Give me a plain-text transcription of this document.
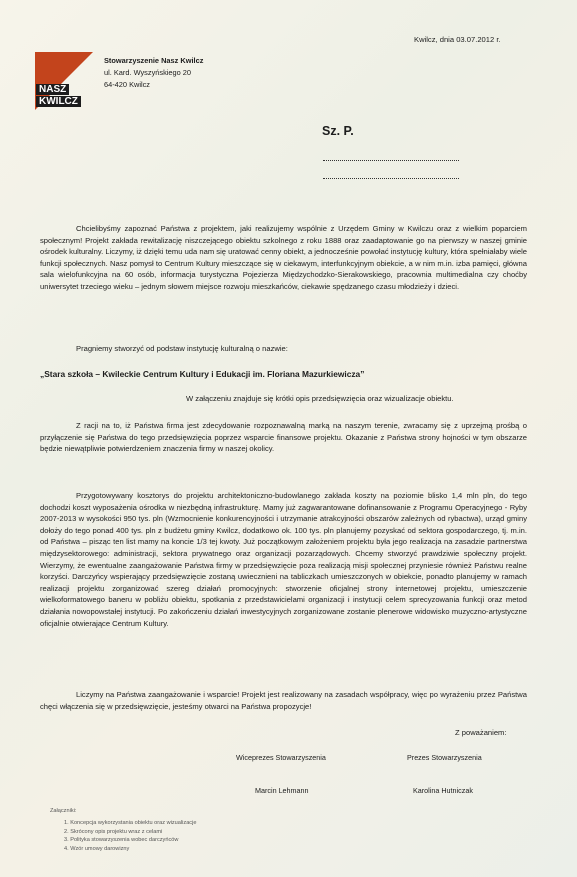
Kwilcz, dnia 03.07.2012 r.
NASZ
KWILCZ
Stowarzyszenie Nasz Kwilcz
ul. Kard. Wyszyńskiego 20
64-420 Kwilcz
Sz. P.
Chcielibyśmy zapoznać Państwa z projektem, jaki realizujemy wspólnie z Urzędem Gminy w Kwilczu oraz z wielkim poparciem społecznym! Projekt zakłada rewitalizację niszczejącego obiektu szkolnego z roku 1888 oraz zaadaptowanie go na pierwszy w naszej gminie ośrodek kulturalny. Liczymy, iż dzięki temu uda nam się uratować cenny obiekt, a jednocześnie powołać instytucję kultury, która spełniałaby wiele funkcji społecznych. Nasz pomysł to Centrum Kultury mieszczące się w ciekawym, interfunkcyjnym obiekcie, a w nim m.in. izba pamięci, główna sala wielofunkcyjna na 60 osób, informacja turystyczna Pojezierza Międzychodzko-Sierakowskiego, pracownia multimedialna czy choćby uniwersytet trzeciego wieku – jednym słowem miejsce rozwoju mieszkańców, ciekawie spędzanego czasu młodzieży i dzieci.
Pragniemy stworzyć od podstaw instytucję kulturalną o nazwie:
„Stara szkoła – Kwileckie Centrum Kultury i Edukacji im. Floriana Mazurkiewicza”
W załączeniu znajduje się krótki opis przedsięwzięcia oraz wizualizacje obiektu.
Z racji na to, iż Państwa firma jest zdecydowanie rozpoznawalną marką na naszym terenie, zwracamy się z uprzejmą prośbą o przyłączenie się Państwa do tego przedsięwzięcia poprzez wsparcie finansowe projektu. Okazanie z Państwa strony hojności w tym obszarze będzie niewątpliwie potwierdzeniem znaczenia firmy w naszej okolicy.
Przygotowywany kosztorys do projektu architektoniczno-budowlanego zakłada koszty na poziomie blisko 1,4 mln pln, do tego dochodzi koszt wyposażenia ośrodka w niezbędną infrastrukturę. Mamy już zagwarantowane dofinansowanie z Programu Operacyjnego - Ryby 2007-2013 w wysokości 950 tys. pln (Wzmocnienie konkurencyjności i utrzymanie atrakcyjności obszarów zależnych od rybactwa), urząd gminy dołoży do tego ponad 400 tys. pln z budżetu gminy Kwilcz, dodatkowo ok. 100 tys. pln planujemy pozyskać od sektora gospodarczego, tj. m.in. od Państwa – pisząc ten list mamy na koncie 1/3 tej kwoty. Już początkowym założeniem projektu była jego realizacja na zasadzie partnerstwa międzysektorowego: administracji, sektora prywatnego oraz organizacji pozarządowych. Chcemy stworzyć prawdziwie społeczny projekt. Wierzymy, że ewentualne zaangażowanie Państwa firmy w przedsięwzięcie poza realizacją misji społecznej przyniesie również Państwu realne korzyści. Darczyńcy wspierający przedsięwzięcie zostaną uwiecznieni na tabliczkach umieszczonych w obiekcie, ponadto planujemy w ramach realizacji projektu zorganizować szereg działań promocyjnych: stworzenie oficjalnej strony internetowej projektu, umieszczenie wielkoformatowego baneru w pobliżu obiektu, spotkania z przedstawicielami organizacji i instytucji celem sprecyzowania funkcji oraz metod działania nowopowstałej instytucji. Po zakończeniu działań inwestycyjnych zorganizowane zostanie plenerowe widowisko muzyczno-artystyczne oficjalnie otwierające Centrum Kultury.
Liczymy na Państwa zaangażowanie i wsparcie! Projekt jest realizowany na zasadach współpracy, więc po wyrażeniu przez Państwa chęci włączenia się w przedsięwzięcie, jesteśmy otwarci na Państwa propozycje!
Z poważaniem:
Wiceprezes Stowarzyszenia	Prezes Stowarzyszenia
Marcin Lehmann	Karolina Hutniczak
Załączniki:
1. Koncepcja wykorzystania obiektu oraz wizualizacje
2. Skrócony opis projektu wraz z celami
3. Polityka stowarzyszenia wobec darczyńców
4. Wzór umowy darowizny
